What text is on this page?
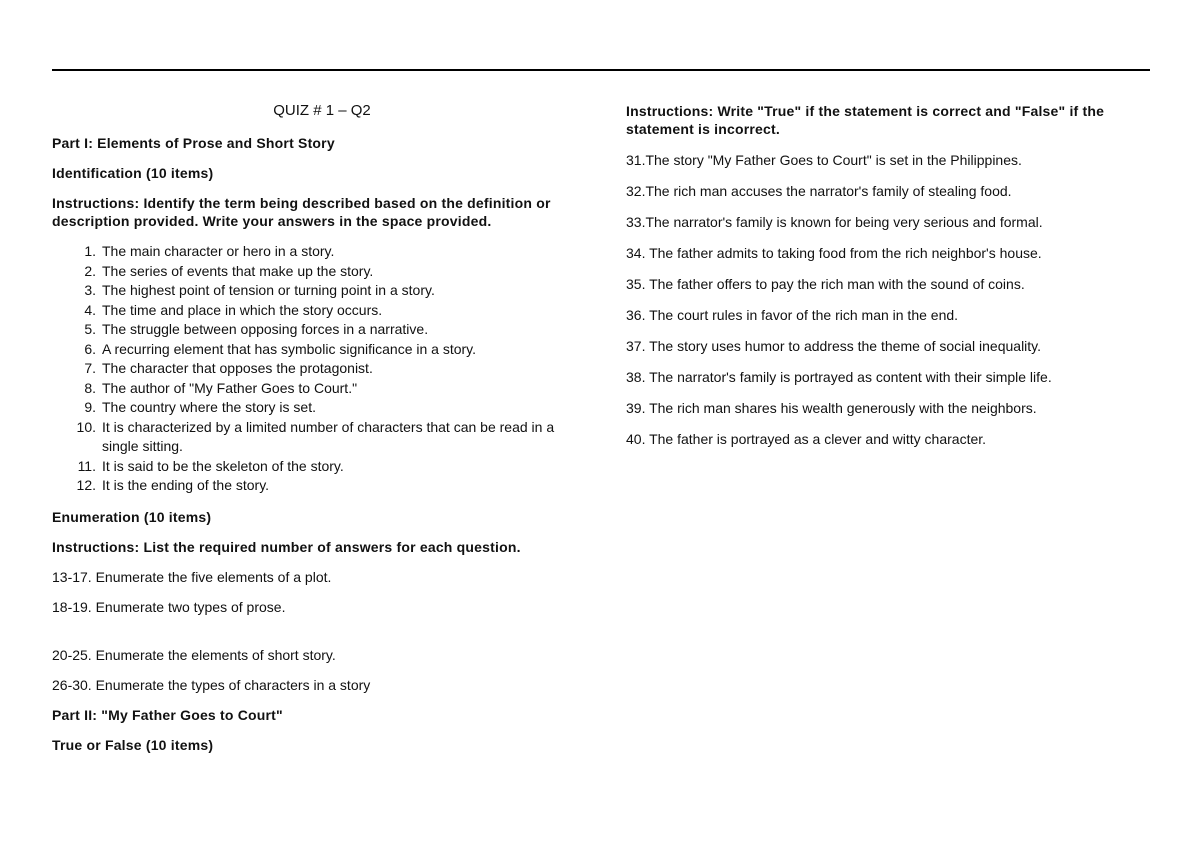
QUIZ # 1 – Q2

Part I: Elements of Prose and Short Story

Identification (10 items)

Instructions: Identify the term being described based on the definition or description provided. Write your answers in the space provided.

1. The main character or hero in a story.
2. The series of events that make up the story.
3. The highest point of tension or turning point in a story.
4. The time and place in which the story occurs.
5. The struggle between opposing forces in a narrative.
6. A recurring element that has symbolic significance in a story.
7. The character that opposes the protagonist.
8. The author of "My Father Goes to Court."
9. The country where the story is set.
10. It is characterized by a limited number of characters that can be read in a single sitting.
11. It is said to be the skeleton of the story.
12. It is the ending of the story.

Enumeration (10 items)

Instructions: List the required number of answers for each question.

13-17. Enumerate the five elements of a plot.

18-19. Enumerate two types of prose.

20-25. Enumerate the elements of short story.

26-30. Enumerate the types of characters in a story

Part II: "My Father Goes to Court"

True or False (10 items)

Instructions: Write "True" if the statement is correct and "False" if the statement is incorrect.

31.The story "My Father Goes to Court" is set in the Philippines.

32.The rich man accuses the narrator's family of stealing food.

33.The narrator's family is known for being very serious and formal.

34. The father admits to taking food from the rich neighbor's house.

35. The father offers to pay the rich man with the sound of coins.

36. The court rules in favor of the rich man in the end.

37. The story uses humor to address the theme of social inequality.

38. The narrator's family is portrayed as content with their simple life.

39. The rich man shares his wealth generously with the neighbors.

40. The father is portrayed as a clever and witty character.
